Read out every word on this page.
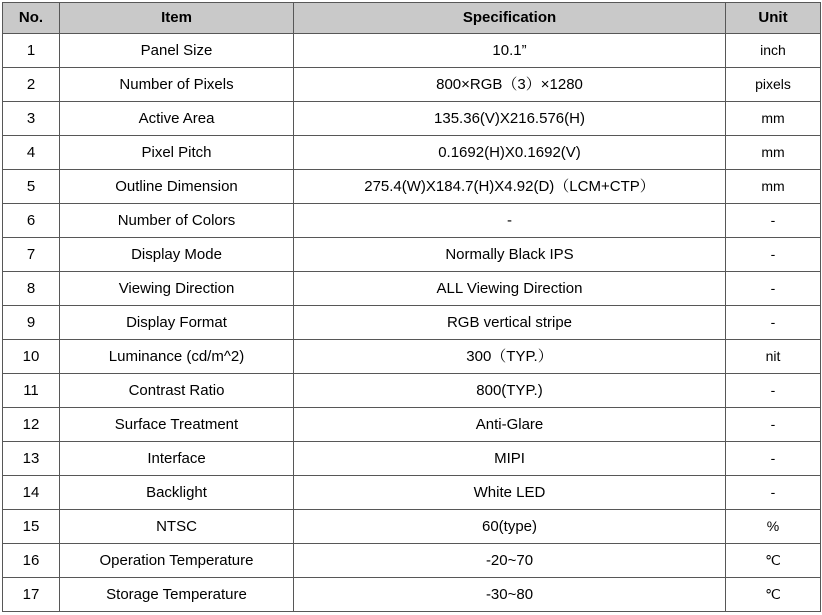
No.	Item	Specification	Unit
1	Panel Size	10.1”	inch
2	Number of Pixels	800×RGB（3）×1280	pixels
3	Active Area	135.36(V)X216.576(H)	mm
4	Pixel Pitch	0.1692(H)X0.1692(V)	mm
5	Outline Dimension	275.4(W)X184.7(H)X4.92(D)（LCM+CTP）	mm
6	Number of Colors	-	-
7	Display Mode	Normally Black IPS	-
8	Viewing Direction	ALL Viewing Direction	-
9	Display Format	RGB vertical stripe	-
10	Luminance (cd/m^2)	300（TYP.）	nit
11	Contrast Ratio	800(TYP.)	-
12	Surface Treatment	Anti-Glare	-
13	Interface	MIPI	-
14	Backlight	White LED	-
15	NTSC	60(type)	%
16	Operation Temperature	-20~70	℃
17	Storage Temperature	-30~80	℃
